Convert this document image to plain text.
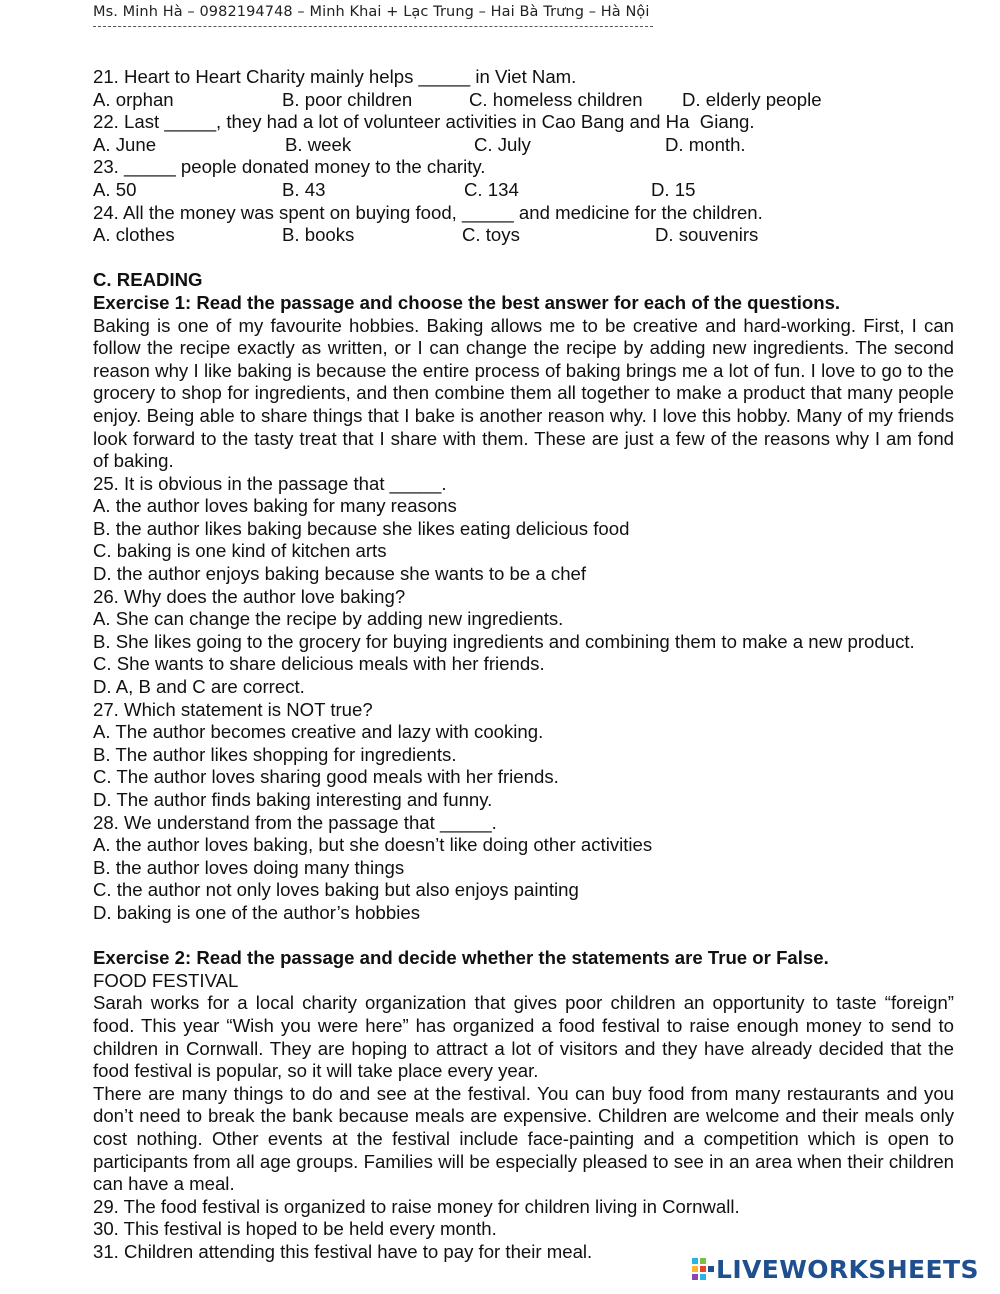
Ms. Minh Hà – 0982194748 – Minh Khai + Lạc Trung – Hai Bà Trưng – Hà Nội
21. Heart to Heart Charity mainly helps _____ in Viet Nam.
A. orphan	B. poor children	C. homeless children D. elderly people
22. Last _____, they had a lot of volunteer activities in Cao Bang and Ha  Giang.
A. June	B. week	C. July	D. month.
23. _____ people donated money to the charity.
A. 50	B. 43	C. 134	D. 15
24. All the money was spent on buying food, _____ and medicine for the children.
A. clothes	B. books	C. toys	D. souvenirs
C. READING
Exercise 1: Read the passage and choose the best answer for each of the questions.

Baking is one of my favourite hobbies. Baking allows me to be creative and hard-working. First, I can follow the recipe exactly as written, or I can change the recipe by adding new ingredients. The second reason why I like baking is because the entire process of baking brings me a lot of fun. I love to go to the grocery to shop for ingredients, and then combine them all together to make a product that many people enjoy. Being able to share things that I bake is another reason why. I love this hobby. Many of my friends look forward to the tasty treat that I share with them. These are just a few of the reasons why I am fond of baking.

25. It is obvious in the passage that _____.
A. the author loves baking for many reasons
B. the author likes baking because she likes eating delicious food
C. baking is one kind of kitchen arts
D. the author enjoys baking because she wants to be a chef
26. Why does the author love baking?
A. She can change the recipe by adding new ingredients.
B. She likes going to the grocery for buying ingredients and combining them to make a new product.
C. She wants to share delicious meals with her friends.
D. A, B and C are correct.
27. Which statement is NOT true?
A. The author becomes creative and lazy with cooking.
B. The author likes shopping for ingredients.
C. The author loves sharing good meals with her friends.
D. The author finds baking interesting and funny.
28. We understand from the passage that _____.
A. the author loves baking, but she doesn’t like doing other activities
B. the author loves doing many things
C. the author not only loves baking but also enjoys painting
D. baking is one of the author’s hobbies
Exercise 2: Read the passage and decide whether the statements are True or False.
FOOD FESTIVAL

Sarah works for a local charity organization that gives poor children an opportunity to taste “foreign” food. This year “Wish you were here” has organized a food festival to raise enough money to send to children in Cornwall. They are hoping to attract a lot of visitors and they have already decided that the food festival is popular, so it will take place every year.

There are many things to do and see at the festival. You can buy food from many restaurants and you don’t need to break the bank because meals are expensive. Children are welcome and their meals only cost nothing. Other events at the festival include face-painting and a competition which is open to participants from all age groups. Families will be especially pleased to see in an area when their children can have a meal.

29. The food festival is organized to raise money for children living in Cornwall.
30. This festival is hoped to be held every month.
31. Children attending this festival have to pay for their meal.
LIVEWORKSHEETS
